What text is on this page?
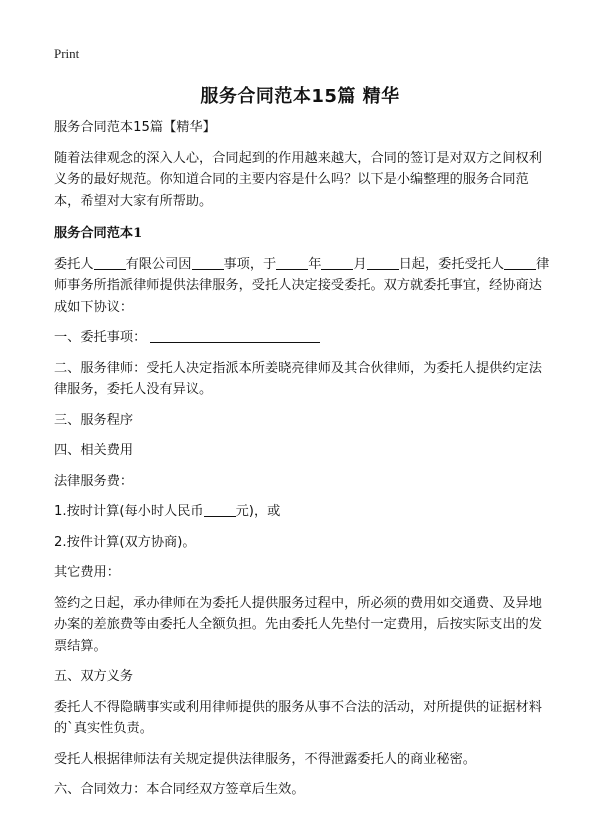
Print
服务合同范本15篇 精华

服务合同范本15篇【精华】

随着法律观念的深入人心，合同起到的作用越来越大，合同的签订是对双方之间权利义务的最好规范。你知道合同的主要内容是什么吗？以下是小编整理的服务合同范本，希望对大家有所帮助。

服务合同范本1

委托人 有限公司因 事项，于 年 月 日起，委托受托人 律师事务所指派律师提供法律服务，受托人决定接受委托。双方就委托事宜，经协商达成如下协议：

一、委托事项：

二、服务律师：受托人决定指派本所姜晓亮律师及其合伙律师，为委托人提供约定法律服务，委托人没有异议。

三、服务程序

四、相关费用

法律服务费：

1.按时计算(每小时人民币 元)，或

2.按件计算(双方协商)。

其它费用：

签约之日起，承办律师在为委托人提供服务过程中，所必须的费用如交通费、及异地办案的差旅费等由委托人全额负担。先由委托人先垫付一定费用，后按实际支出的发票结算。

五、双方义务

委托人不得隐瞒事实或利用律师提供的服务从事不合法的活动，对所提供的证据材料的`真实性负责。

受托人根据律师法有关规定提供法律服务，不得泄露委托人的商业秘密。

六、合同效力：本合同经双方签章后生效。
